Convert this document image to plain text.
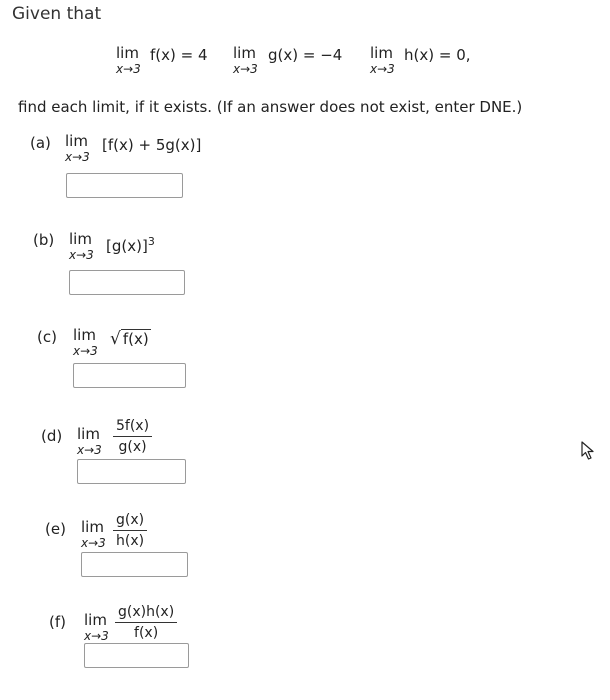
Given that
lim
x→3
f(x) = 4 lim
x→3
g(x) = −4 lim
x→3
h(x) = 0,
find each limit, if it exists. (If an answer does not exist, enter DNE.)
(a) lim
x→3
[f(x) + 5g(x)]
(b) lim
x→3 $[g(x)]^3$
(c) lim
x→3
√ f(x)
(d) lim
x→3
5f(x)
g(x)
(e) lim
x→3
g(x)
h(x)
(f) lim
x→3
g(x)h(x)
f(x)
